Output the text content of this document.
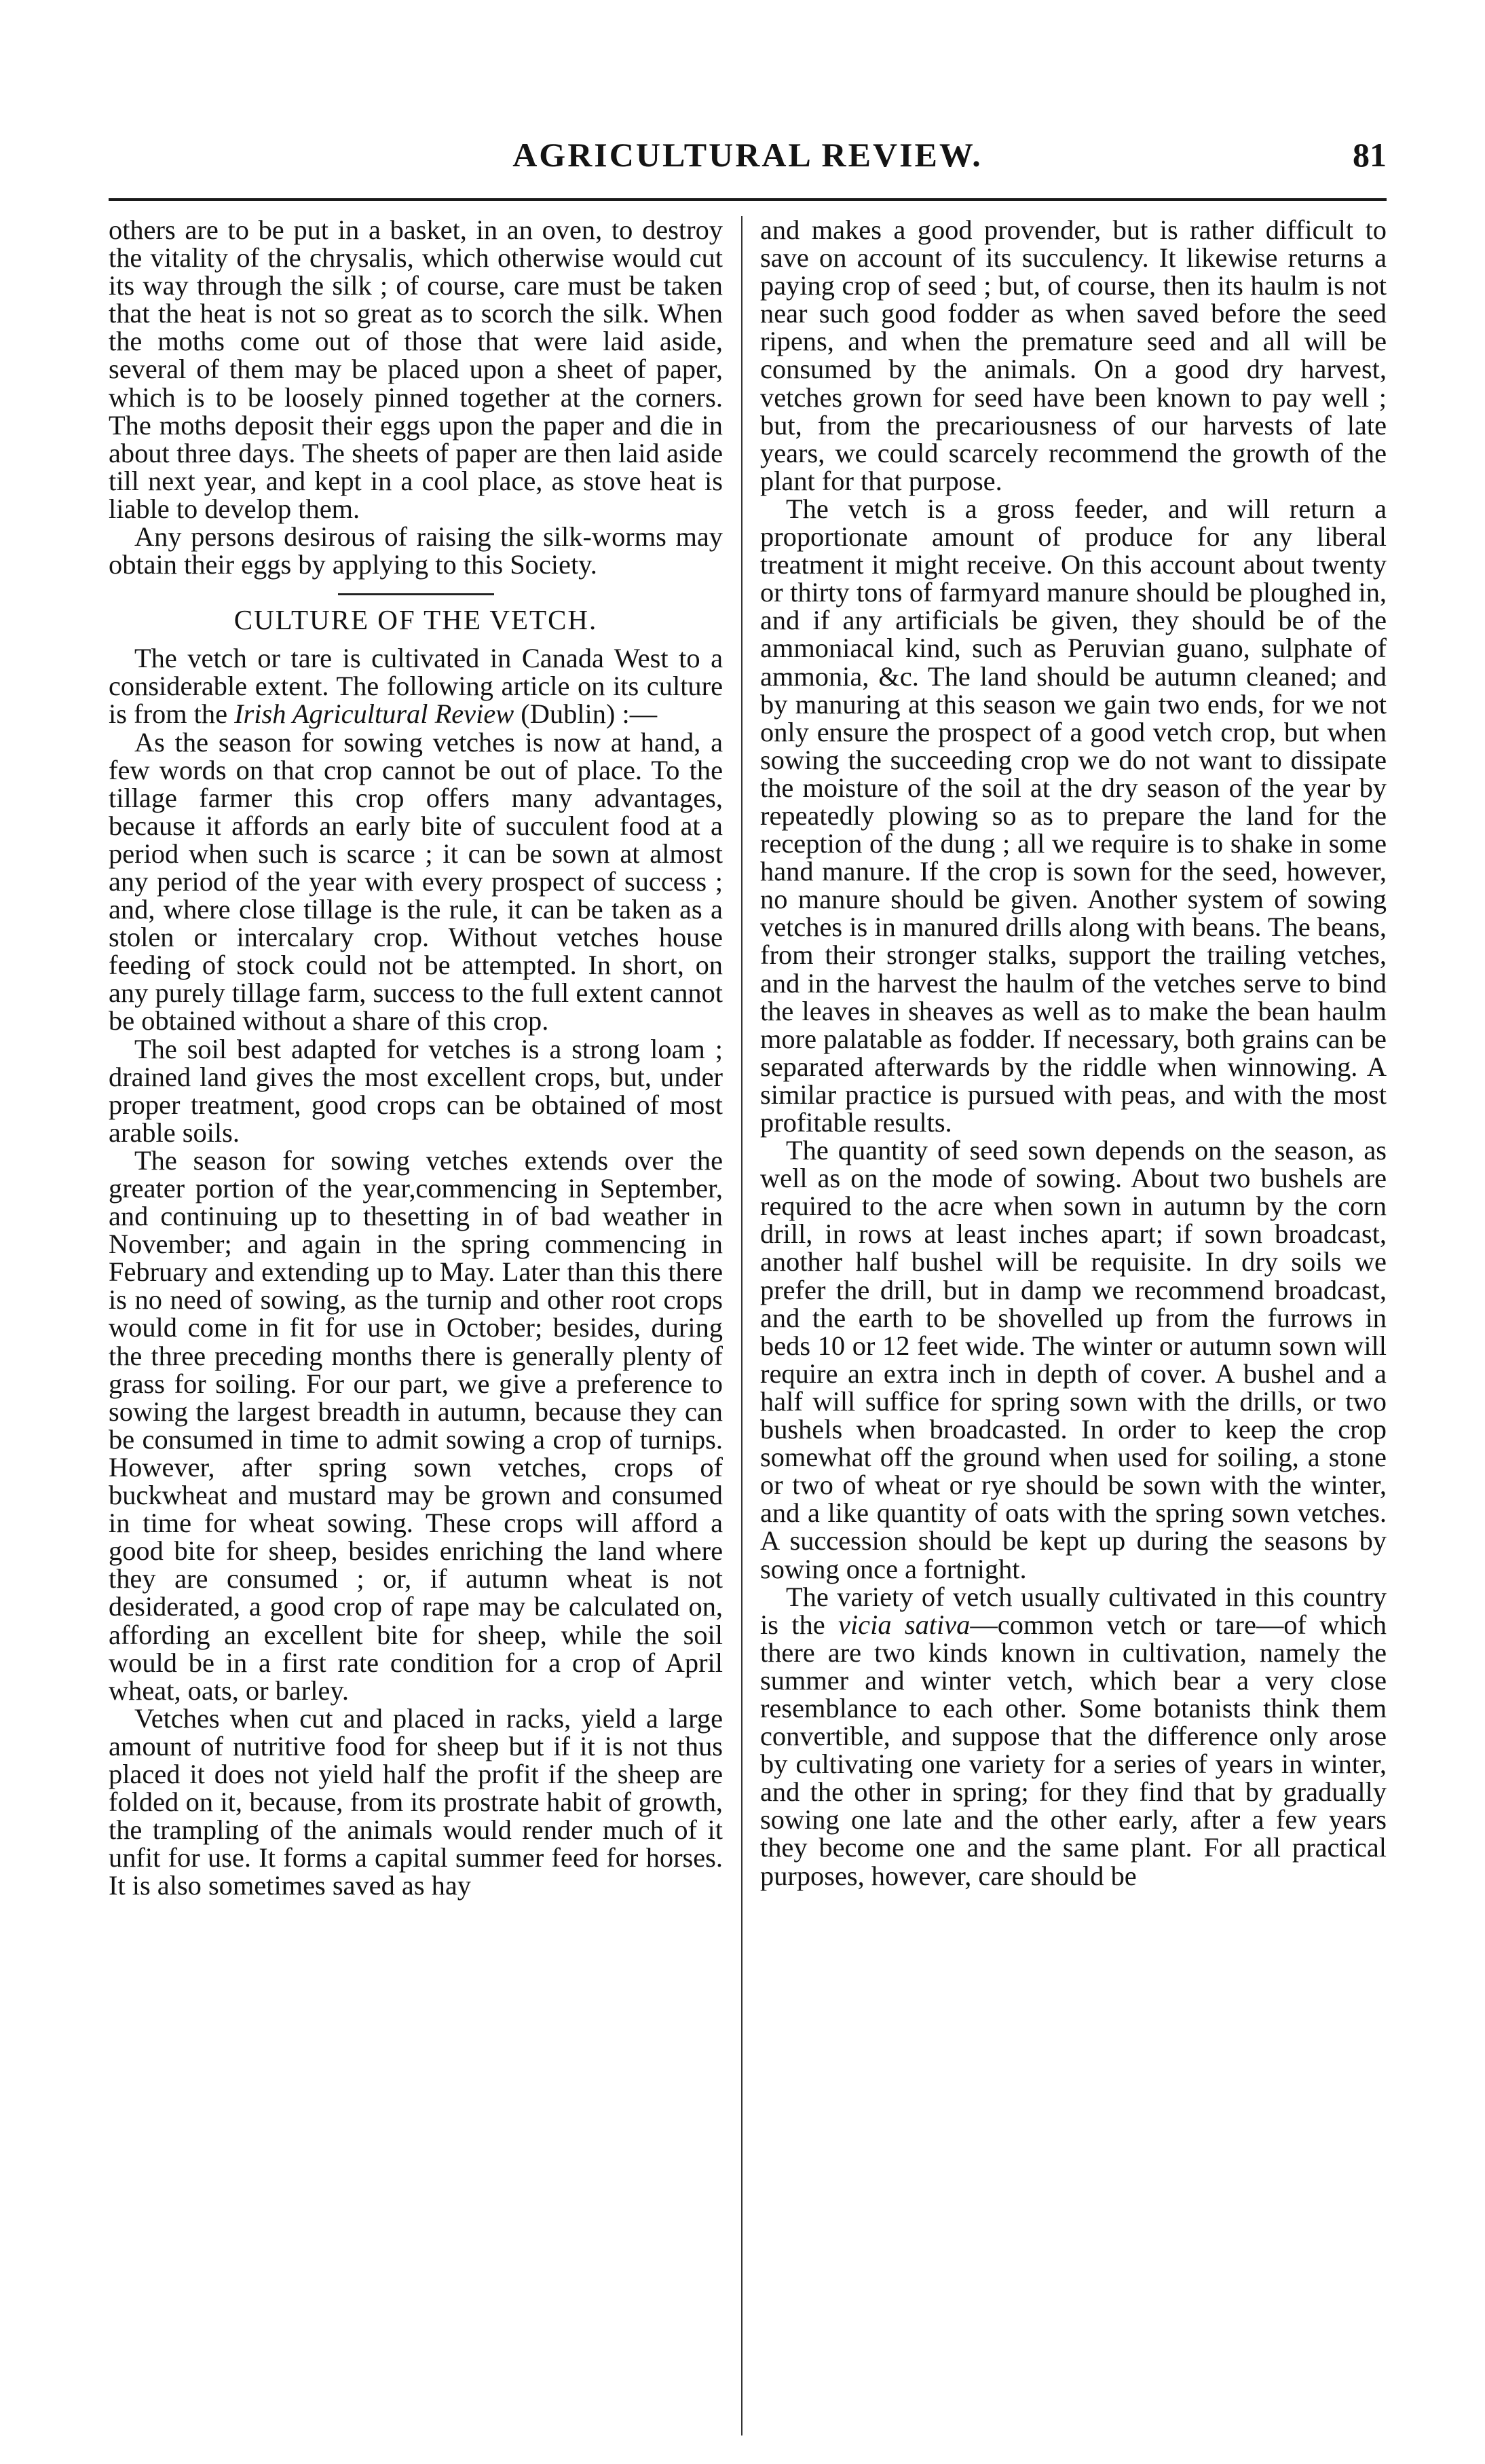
AGRICULTURAL REVIEW.	81

others are to be put in a basket, in an oven, to destroy the vitality of the chrysalis, which otherwise would cut its way through the silk ; of course, care must be taken that the heat is not so great as to scorch the silk. When the moths come out of those that were laid aside, several of them may be placed upon a sheet of paper, which is to be loosely pinned together at the corners. The moths deposit their eggs upon the paper and die in about three days. The sheets of paper are then laid aside till next year, and kept in a cool place, as stove heat is liable to develop them.

Any persons desirous of raising the silk-worms may obtain their eggs by applying to this Society.

CULTURE OF THE VETCH.

The vetch or tare is cultivated in Canada West to a considerable extent. The following article on its culture is from the Irish Agricultural Review (Dublin) :—

As the season for sowing vetches is now at hand, a few words on that crop cannot be out of place. To the tillage farmer this crop offers many advantages, because it affords an early bite of succulent food at a period when such is scarce ; it can be sown at almost any period of the year with every prospect of success ; and, where close tillage is the rule, it can be taken as a stolen or intercalary crop. Without vetches house feeding of stock could not be attempted. In short, on any purely tillage farm, success to the full extent cannot be obtained without a share of this crop.

The soil best adapted for vetches is a strong loam ; drained land gives the most excellent crops, but, under proper treatment, good crops can be obtained of most arable soils.

The season for sowing vetches extends over the greater portion of the year,commencing in September, and continuing up to thesetting in of bad weather in November; and again in the spring commencing in February and extending up to May. Later than this there is no need of sowing, as the turnip and other root crops would come in fit for use in October; besides, during the three preceding months there is generally plenty of grass for soiling. For our part, we give a preference to sowing the largest breadth in autumn, because they can be consumed in time to admit sowing a crop of turnips. However, after spring sown vetches, crops of buckwheat and mustard may be grown and consumed in time for wheat sowing. These crops will afford a good bite for sheep, besides enriching the land where they are consumed ; or, if autumn wheat is not desiderated, a good crop of rape may be calculated on, affording an excellent bite for sheep, while the soil would be in a first rate condition for a crop of April wheat, oats, or barley.

Vetches when cut and placed in racks, yield a large amount of nutritive food for sheep but if it is not thus placed it does not yield half the profit if the sheep are folded on it, because, from its prostrate habit of growth, the trampling of the animals would render much of it unfit for use. It forms a capital summer feed for horses. It is also sometimes saved as hay

and makes a good provender, but is rather difficult to save on account of its succulency. It likewise returns a paying crop of seed ; but, of course, then its haulm is not near such good fodder as when saved before the seed ripens, and when the premature seed and all will be consumed by the animals. On a good dry harvest, vetches grown for seed have been known to pay well ; but, from the precariousness of our harvests of late years, we could scarcely recommend the growth of the plant for that purpose.

The vetch is a gross feeder, and will return a proportionate amount of produce for any liberal treatment it might receive. On this account about twenty or thirty tons of farmyard manure should be ploughed in, and if any artificials be given, they should be of the ammoniacal kind, such as Peruvian guano, sulphate of ammonia, &c. The land should be autumn cleaned; and by manuring at this season we gain two ends, for we not only ensure the prospect of a good vetch crop, but when sowing the succeeding crop we do not want to dissipate the moisture of the soil at the dry season of the year by repeatedly plowing so as to prepare the land for the reception of the dung ; all we require is to shake in some hand manure. If the crop is sown for the seed, however, no manure should be given. Another system of sowing vetches is in manured drills along with beans. The beans, from their stronger stalks, support the trailing vetches, and in the harvest the haulm of the vetches serve to bind the leaves in sheaves as well as to make the bean haulm more palatable as fodder. If necessary, both grains can be separated afterwards by the riddle when winnowing. A similar practice is pursued with peas, and with the most profitable results.

The quantity of seed sown depends on the season, as well as on the mode of sowing. About two bushels are required to the acre when sown in autumn by the corn drill, in rows at least inches apart; if sown broadcast, another half bushel will be requisite. In dry soils we prefer the drill, but in damp we recommend broadcast, and the earth to be shovelled up from the furrows in beds 10 or 12 feet wide. The winter or autumn sown will require an extra inch in depth of cover. A bushel and a half will suffice for spring sown with the drills, or two bushels when broadcasted. In order to keep the crop somewhat off the ground when used for soiling, a stone or two of wheat or rye should be sown with the winter, and a like quantity of oats with the spring sown vetches. A succession should be kept up during the seasons by sowing once a fortnight.

The variety of vetch usually cultivated in this country is the vicia sativa—common vetch or tare—of which there are two kinds known in cultivation, namely the summer and winter vetch, which bear a very close resemblance to each other. Some botanists think them convertible, and suppose that the difference only arose by cultivating one variety for a series of years in winter, and the other in spring; for they find that by gradually sowing one late and the other early, after a few years they become one and the same plant. For all practical purposes, however, care should be
